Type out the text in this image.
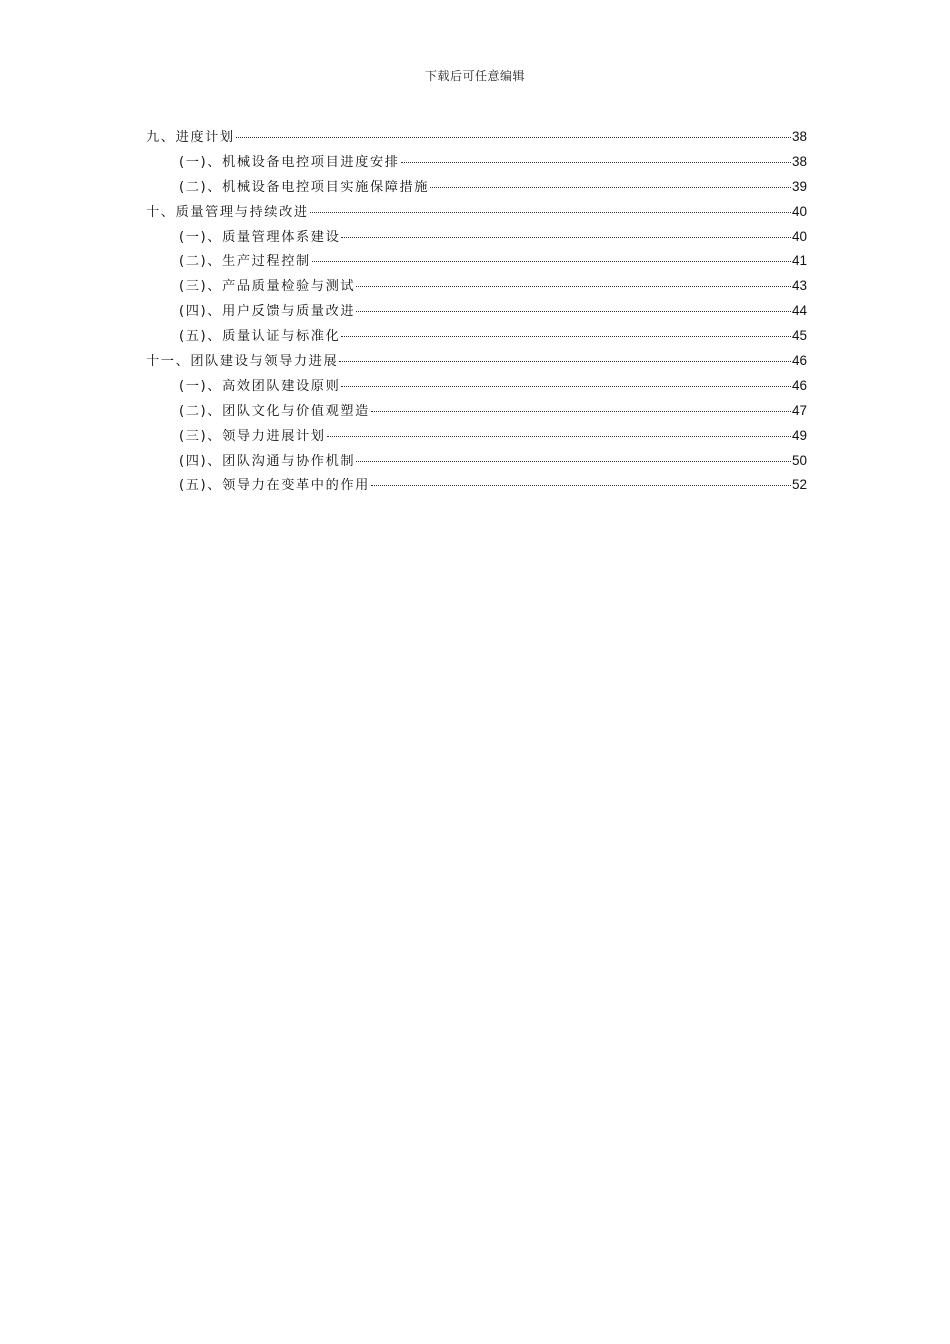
下载后可任意编辑
九、进度计划	38
(一)、机械设备电控项目进度安排	38
(二)、机械设备电控项目实施保障措施	39
十、质量管理与持续改进	40
(一)、质量管理体系建设	40
(二)、生产过程控制	41
(三)、产品质量检验与测试	43
(四)、用户反馈与质量改进	44
(五)、质量认证与标准化	45
十一、团队建设与领导力进展	46
(一)、高效团队建设原则	46
(二)、团队文化与价值观塑造	47
(三)、领导力进展计划	49
(四)、团队沟通与协作机制	50
(五)、领导力在变革中的作用	52
